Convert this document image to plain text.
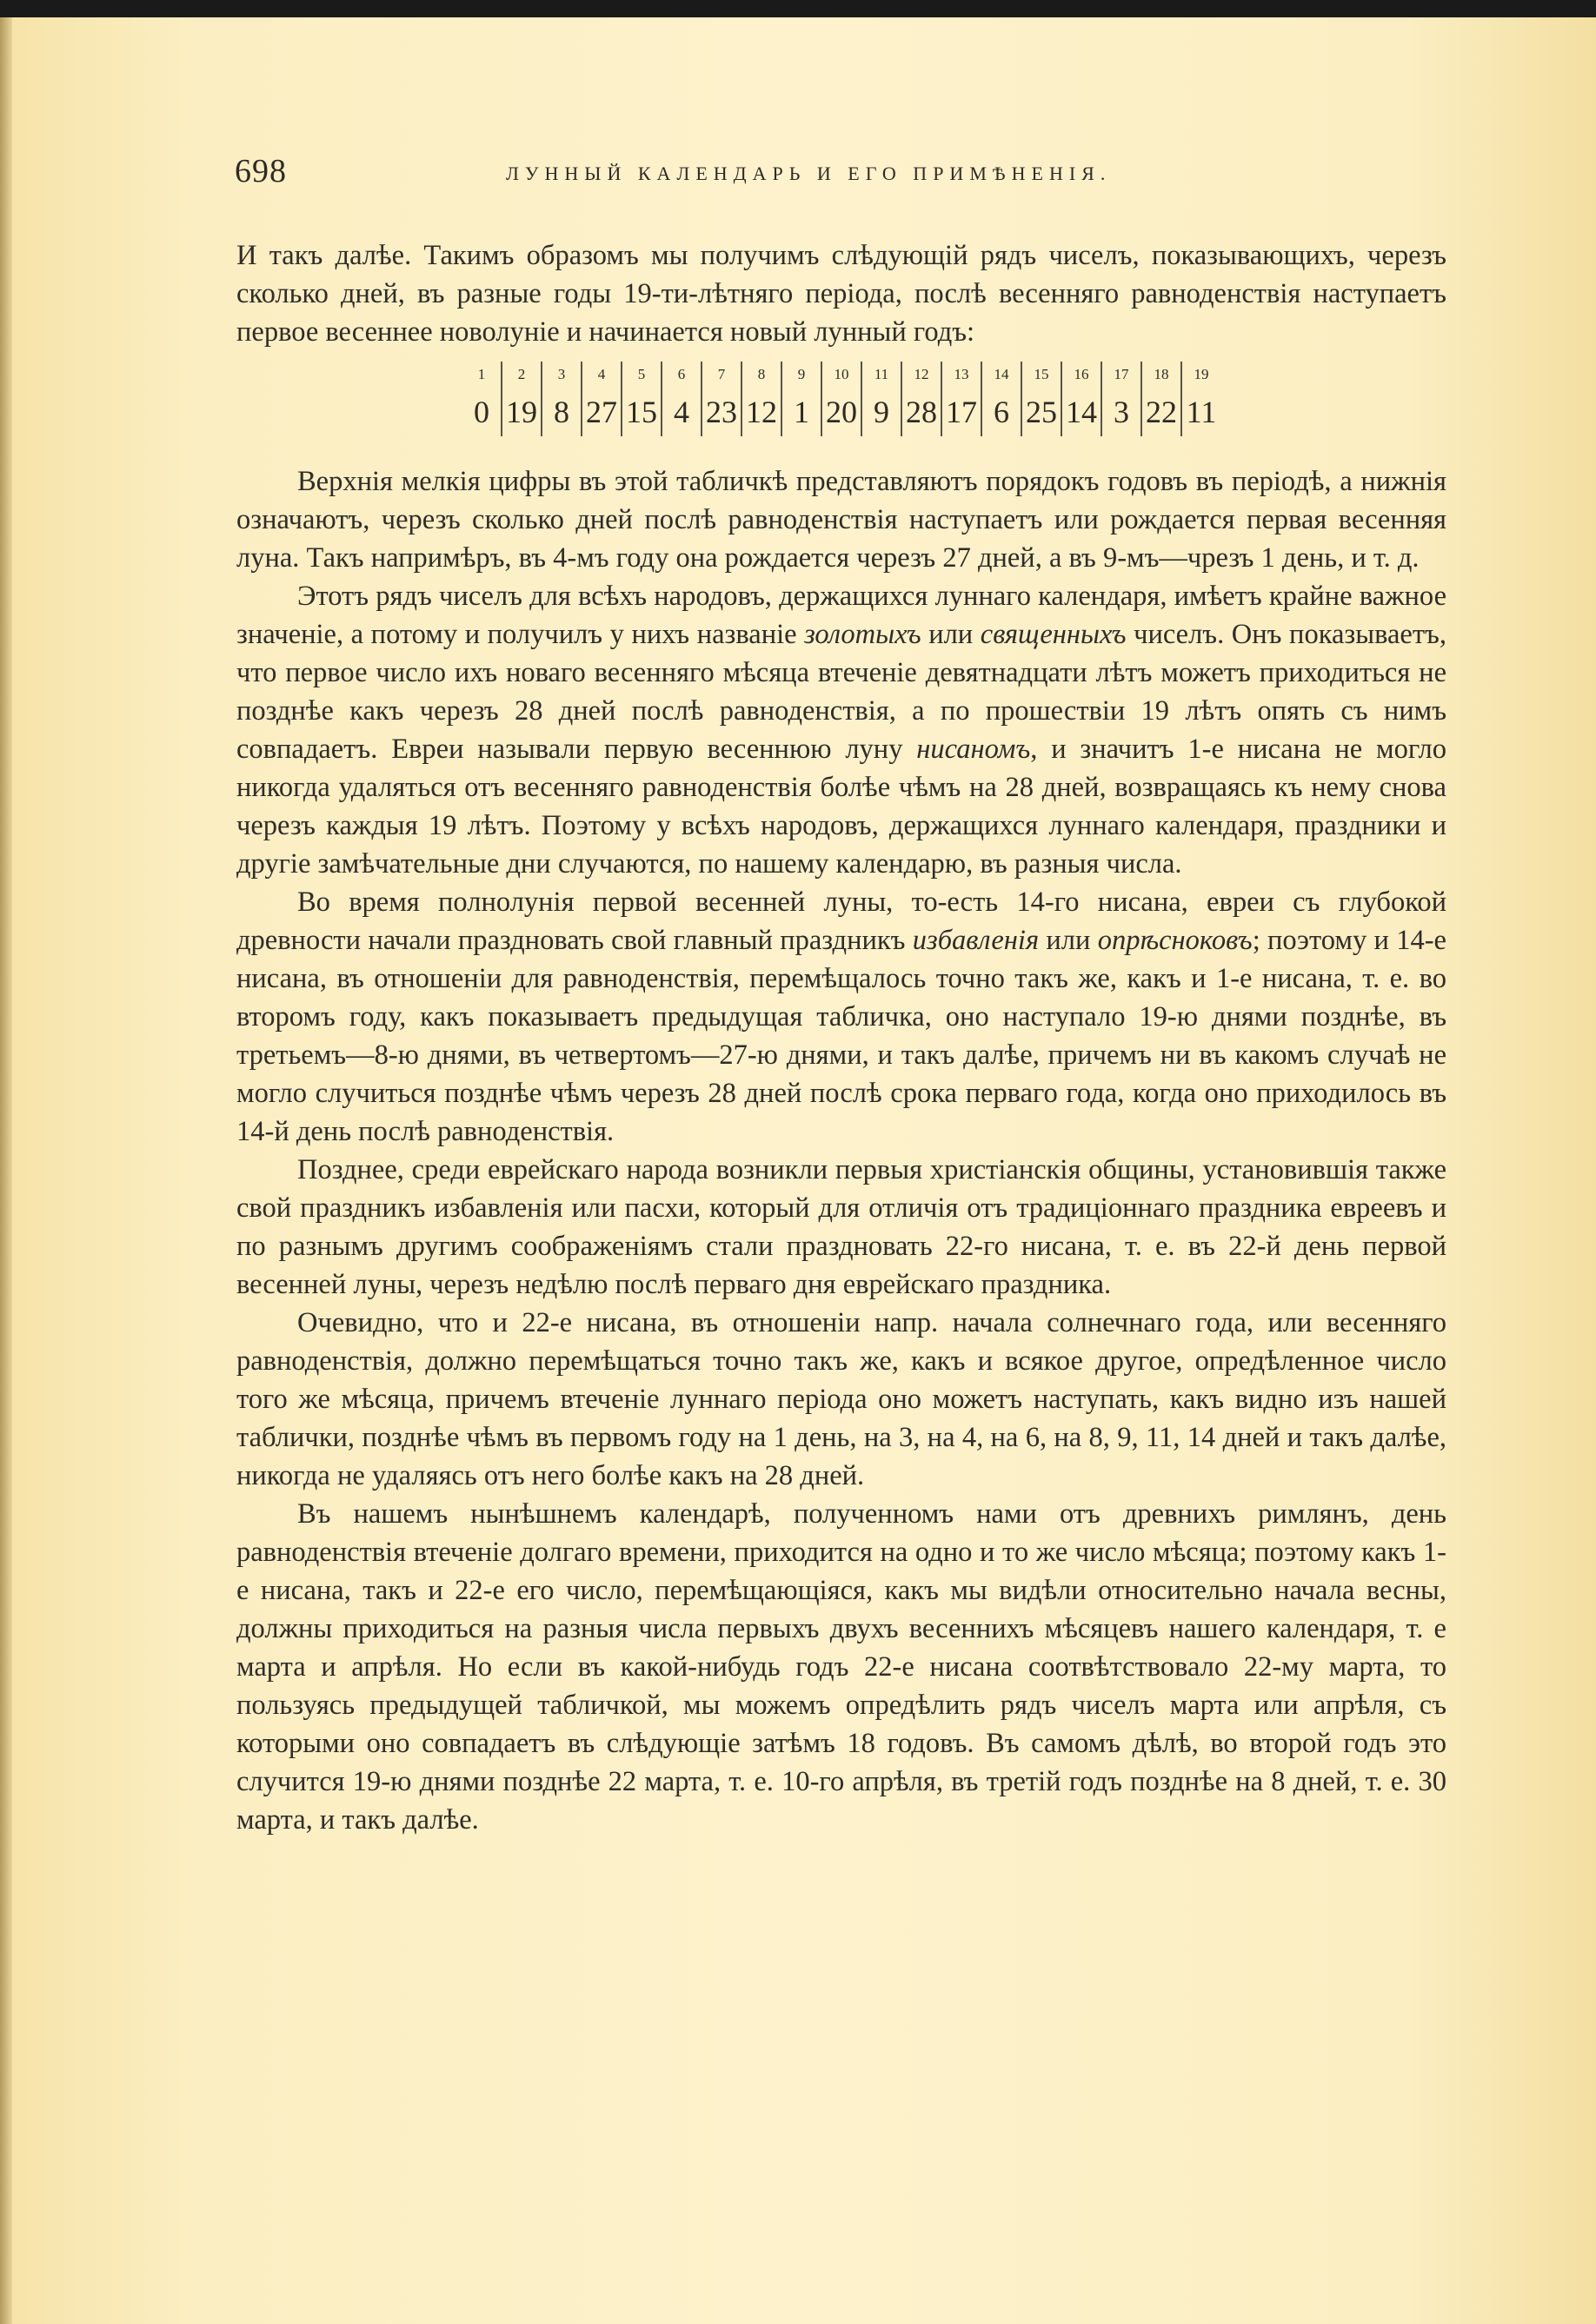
698	ЛУННЫЙ КАЛЕНДАРЬ И ЕГО ПРИМѢНЕНІЯ.

И такъ далѣе. Такимъ образомъ мы получимъ слѣдующій рядъ чиселъ, показывающихъ, черезъ сколько дней, въ разные годы 19-ти-лѣтняго періода, послѣ весенняго равноденствія наступаетъ первое весеннее новолуніе и начинается новый лунный годъ:

1	2	3	4	5	6	7	8	9	10	11	12	13	14	15	16	17	18	19
0	19	8	27	15	4	23	12	1	20	9	28	17	6	25	14	3	22	11

Верхнія мелкія цифры въ этой табличкѣ представляютъ порядокъ годовъ въ періодѣ, а нижнія означаютъ, черезъ сколько дней послѣ равноденствія наступаетъ или рождается первая весенняя луна. Такъ напримѣръ, въ 4-мъ году она рождается черезъ 27 дней, а въ 9-мъ—чрезъ 1 день, и т. д.

Этотъ рядъ чиселъ для всѣхъ народовъ, держащихся луннаго календаря, имѣетъ крайне важное значеніе, а потому и получилъ у нихъ названіе золотыхъ или священныхъ чиселъ. Онъ показываетъ, что первое число ихъ новаго весенняго мѣсяца втеченіе девятнадцати лѣтъ можетъ приходиться не позднѣе какъ черезъ 28 дней послѣ равноденствія, а по прошествіи 19 лѣтъ опять съ нимъ совпадаетъ. Евреи называли первую весеннюю луну нисаномъ, и значитъ 1-е нисана не могло никогда удаляться отъ весенняго равноденствія болѣе чѣмъ на 28 дней, возвращаясь къ нему снова черезъ каждыя 19 лѣтъ. Поэтому у всѣхъ народовъ, держащихся луннаго календаря, праздники и другіе замѣчательные дни случаются, по нашему календарю, въ разныя числа.

Во время полнолунія первой весенней луны, то-есть 14-го нисана, евреи съ глубокой древности начали праздновать свой главный праздникъ избавленія или опрѣсноковъ; поэтому и 14-е нисана, въ отношеніи для равноденствія, перемѣщалось точно такъ же, какъ и 1-е нисана, т. е. во второмъ году, какъ показываетъ предыдущая табличка, оно наступало 19-ю днями позднѣе, въ третьемъ—8-ю днями, въ четвертомъ—27-ю днями, и такъ далѣе, причемъ ни въ какомъ случаѣ не могло случиться позднѣе чѣмъ черезъ 28 дней послѣ срока перваго года, когда оно приходилось въ 14-й день послѣ равноденствія.

Позднее, среди еврейскаго народа возникли первыя христіанскія общины, установившія также свой праздникъ избавленія или пасхи, который для отличія отъ традиціоннаго праздника евреевъ и по разнымъ другимъ соображеніямъ стали праздновать 22-го нисана, т. е. въ 22-й день первой весенней луны, черезъ недѣлю послѣ перваго дня еврейскаго праздника.

Очевидно, что и 22-е нисана, въ отношеніи напр. начала солнечнаго года, или весенняго равноденствія, должно перемѣщаться точно такъ же, какъ и всякое другое, опредѣленное число того же мѣсяца, причемъ втеченіе луннаго періода оно можетъ наступать, какъ видно изъ нашей таблички, позднѣе чѣмъ въ первомъ году на 1 день, на 3, на 4, на 6, на 8, 9, 11, 14 дней и такъ далѣе, никогда не удаляясь отъ него болѣе какъ на 28 дней.

Въ нашемъ нынѣшнемъ календарѣ, полученномъ нами отъ древнихъ римлянъ, день равноденствія втеченіе долгаго времени, приходится на одно и то же число мѣсяца; поэтому какъ 1-е нисана, такъ и 22-е его число, перемѣщающіяся, какъ мы видѣли относительно начала весны, должны приходиться на разныя числа первыхъ двухъ весеннихъ мѣсяцевъ нашего календаря, т. е марта и апрѣля. Но если въ какой-нибудь годъ 22-е нисана соотвѣтствовало 22-му марта, то пользуясь предыдущей табличкой, мы можемъ опредѣлить рядъ чиселъ марта или апрѣля, съ которыми оно совпадаетъ въ слѣдующіе затѣмъ 18 годовъ. Въ самомъ дѣлѣ, во второй годъ это случится 19-ю днями позднѣе 22 марта, т. е. 10-го апрѣля, въ третій годъ позднѣе на 8 дней, т. е. 30 марта, и такъ далѣе.
